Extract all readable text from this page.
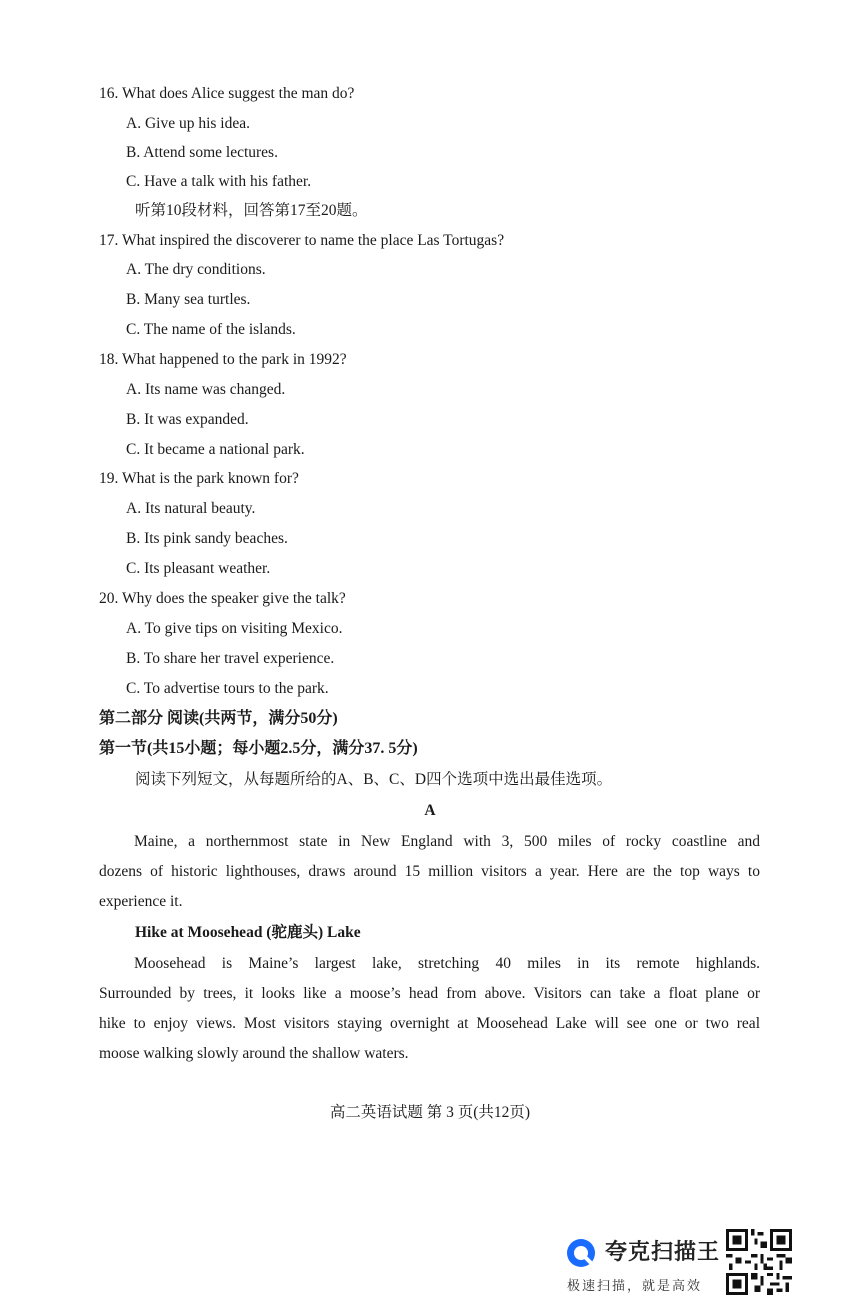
16. What does Alice suggest the man do?
A. Give up his idea.
B. Attend some lectures.
C. Have a talk with his father.
听第10段材料，回答第17至20题。
17. What inspired the discoverer to name the place Las Tortugas?
A. The dry conditions.
B. Many sea turtles.
C. The name of the islands.
18. What happened to the park in 1992?
A. Its name was changed.
B. It was expanded.
C. It became a national park.
19. What is the park known for?
A. Its natural beauty.
B. Its pink sandy beaches.
C. Its pleasant weather.
20. Why does the speaker give the talk?
A. To give tips on visiting Mexico.
B. To share her travel experience.
C. To advertise tours to the park.
第二部分 阅读(共两节，满分50分)
第一节(共15小题；每小题2.5分，满分37. 5分)
阅读下列短文，从每题所给的A、B、C、D四个选项中选出最佳选项。
A
Maine, a northernmost state in New England with 3, 500 miles of rocky coastline and
dozens of historic lighthouses, draws around 15 million visitors a year. Here are the top ways to
experience it.
Hike at Moosehead (驼鹿头) Lake
Moosehead is Maine’s largest lake, stretching 40 miles in its remote highlands.
Surrounded by trees, it looks like a moose’s head from above. Visitors can take a float plane or
hike to enjoy views. Most visitors staying overnight at Moosehead Lake will see one or two real
moose walking slowly around the shallow waters.
高二英语试题 第 3 页(共12页)
夸克扫描王
极速扫描，就是高效
